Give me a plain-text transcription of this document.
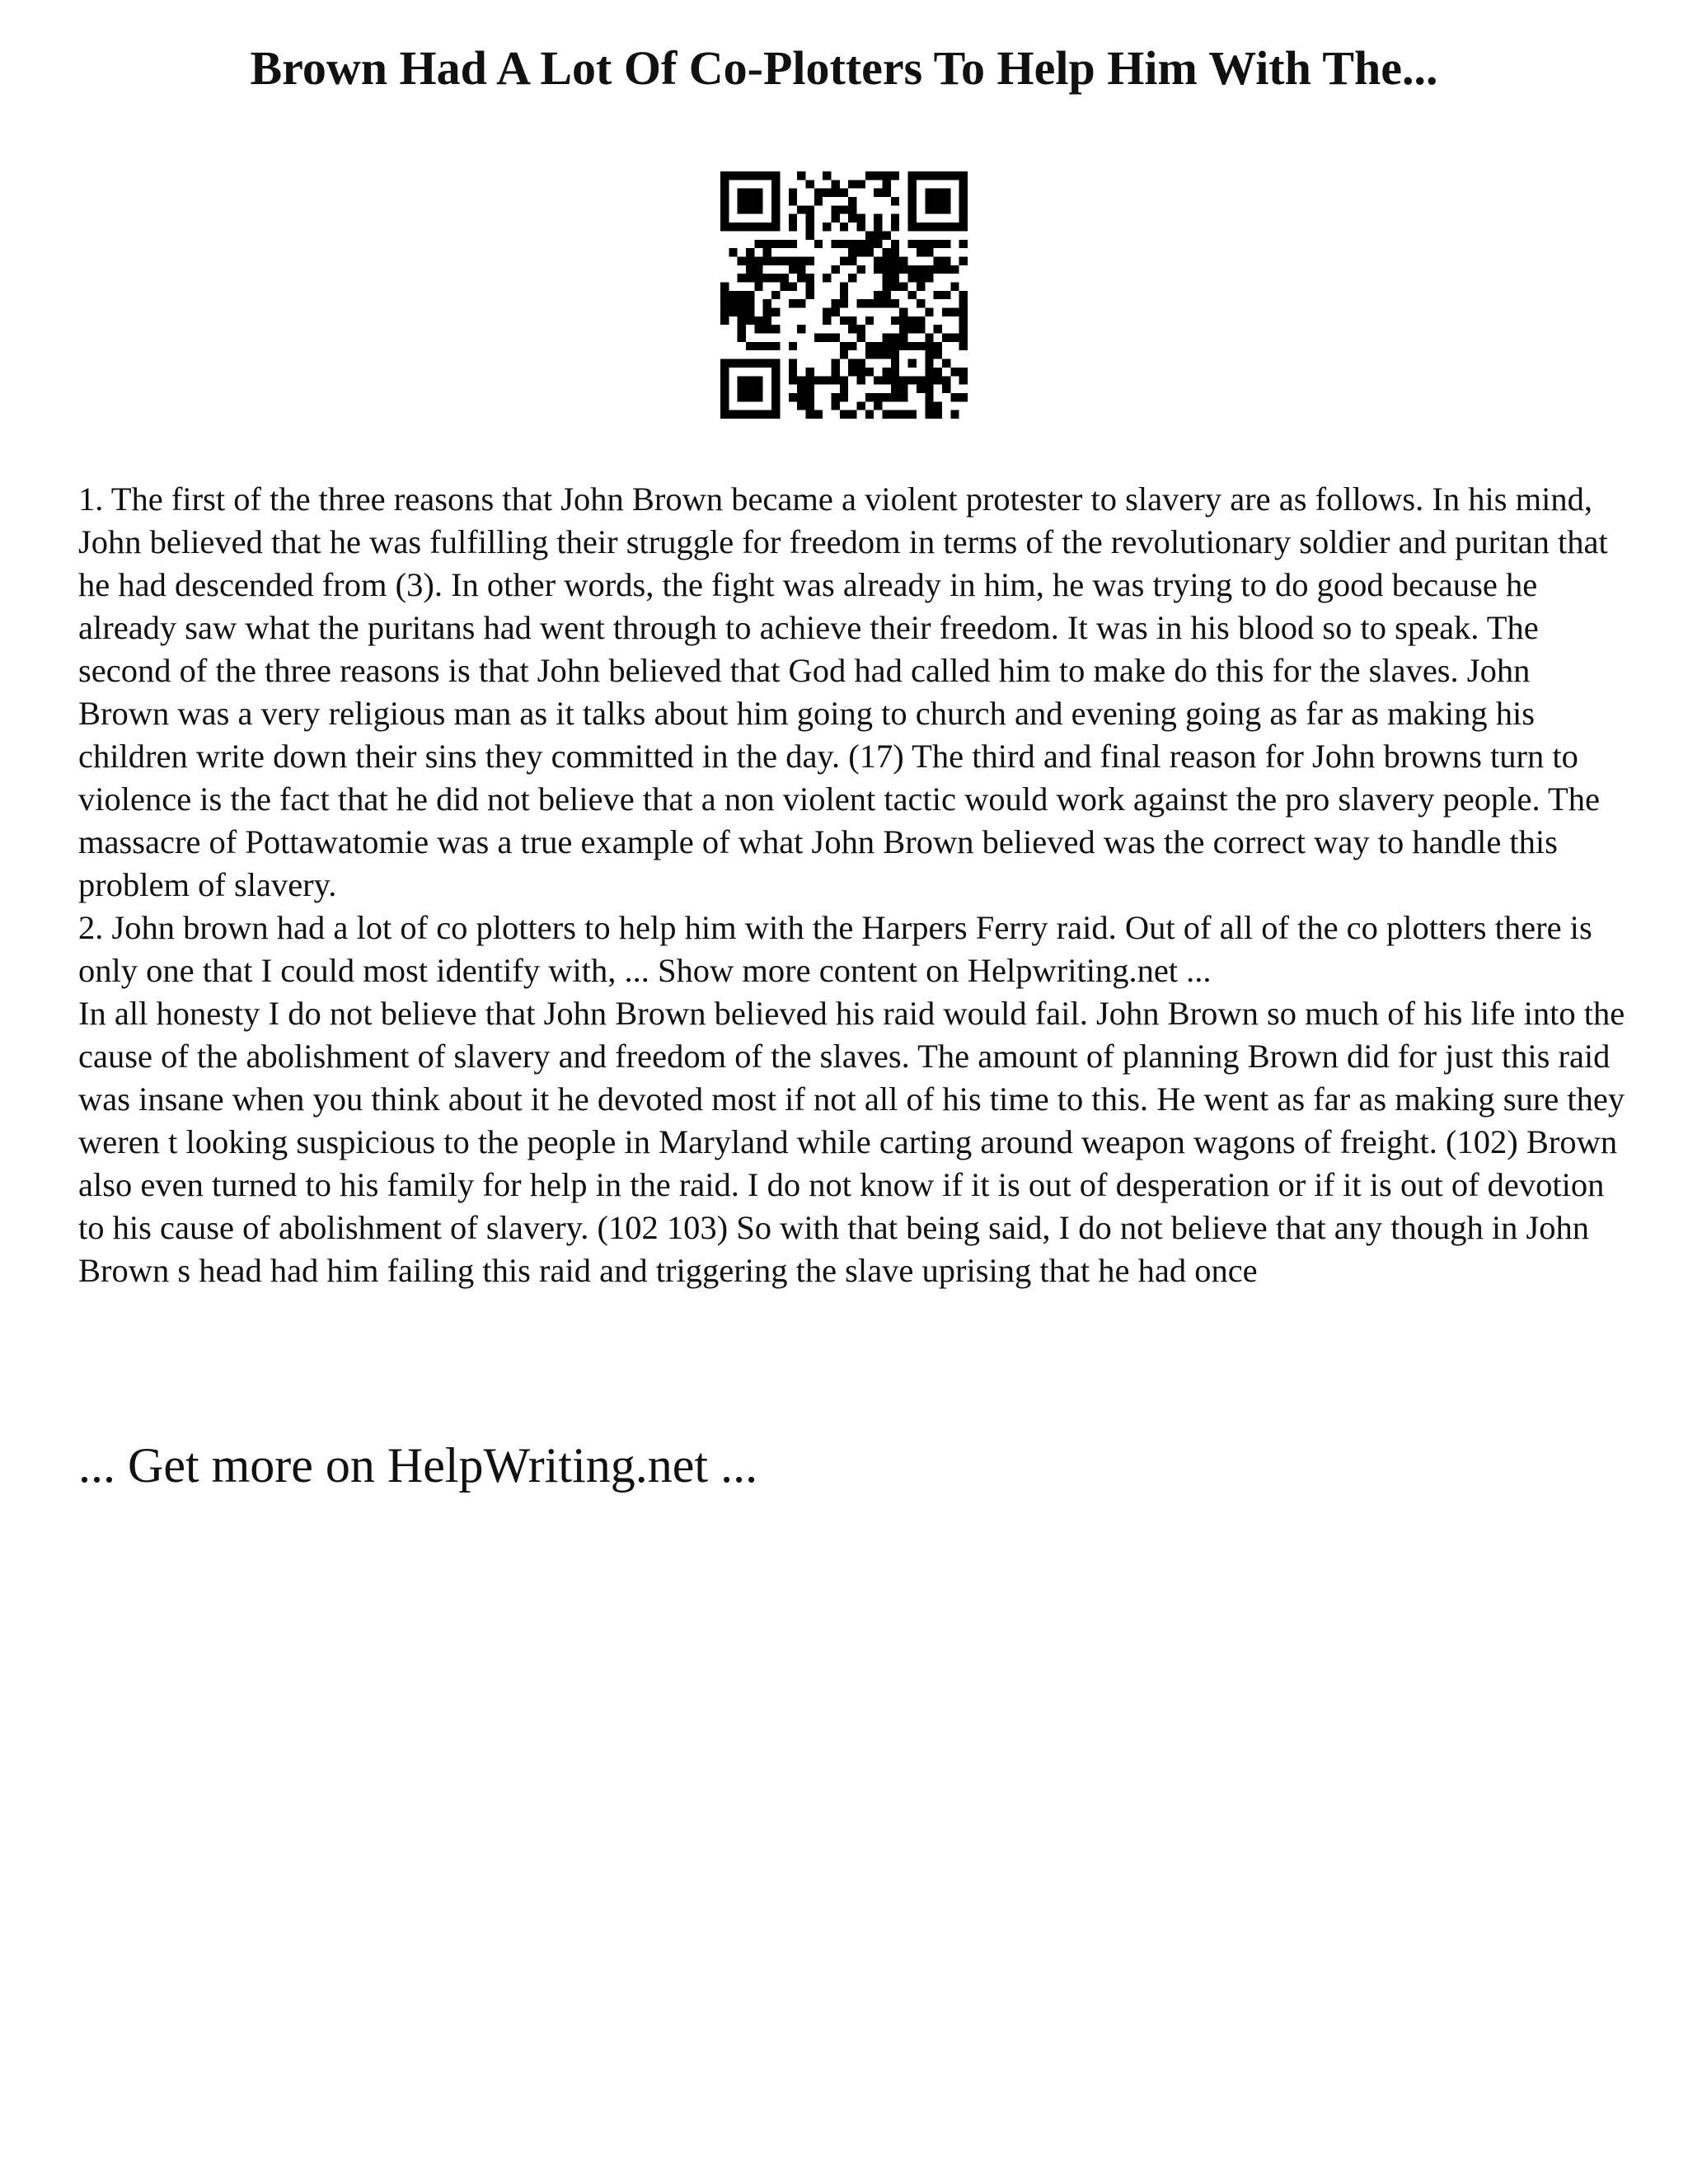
Brown Had A Lot Of Co-Plotters To Help Him With The...

1. The first of the three reasons that John Brown became a violent protester to slavery are as follows. In his mind, John believed that he was fulfilling their struggle for freedom in terms of the revolutionary soldier and puritan that he had descended from (3). In other words, the fight was already in him, he was trying to do good because he already saw what the puritans had went through to achieve their freedom. It was in his blood so to speak. The second of the three reasons is that John believed that God had called him to make do this for the slaves. John Brown was a very religious man as it talks about him going to church and evening going as far as making his children write down their sins they committed in the day. (17) The third and final reason for John browns turn to violence is the fact that he did not believe that a non violent tactic would work against the pro slavery people. The massacre of Pottawatomie was a true example of what John Brown believed was the correct way to handle this problem of slavery.

2. John brown had a lot of co plotters to help him with the Harpers Ferry raid. Out of all of the co plotters there is only one that I could most identify with, ... Show more content on Helpwriting.net ...

In all honesty I do not believe that John Brown believed his raid would fail. John Brown so much of his life into the cause of the abolishment of slavery and freedom of the slaves. The amount of planning Brown did for just this raid was insane when you think about it he devoted most if not all of his time to this. He went as far as making sure they weren t looking suspicious to the people in Maryland while carting around weapon wagons of freight. (102) Brown also even turned to his family for help in the raid. I do not know if it is out of desperation or if it is out of devotion to his cause of abolishment of slavery. (102 103) So with that being said, I do not believe that any though in John Brown s head had him failing this raid and triggering the slave uprising that he had once

... Get more on HelpWriting.net ...
